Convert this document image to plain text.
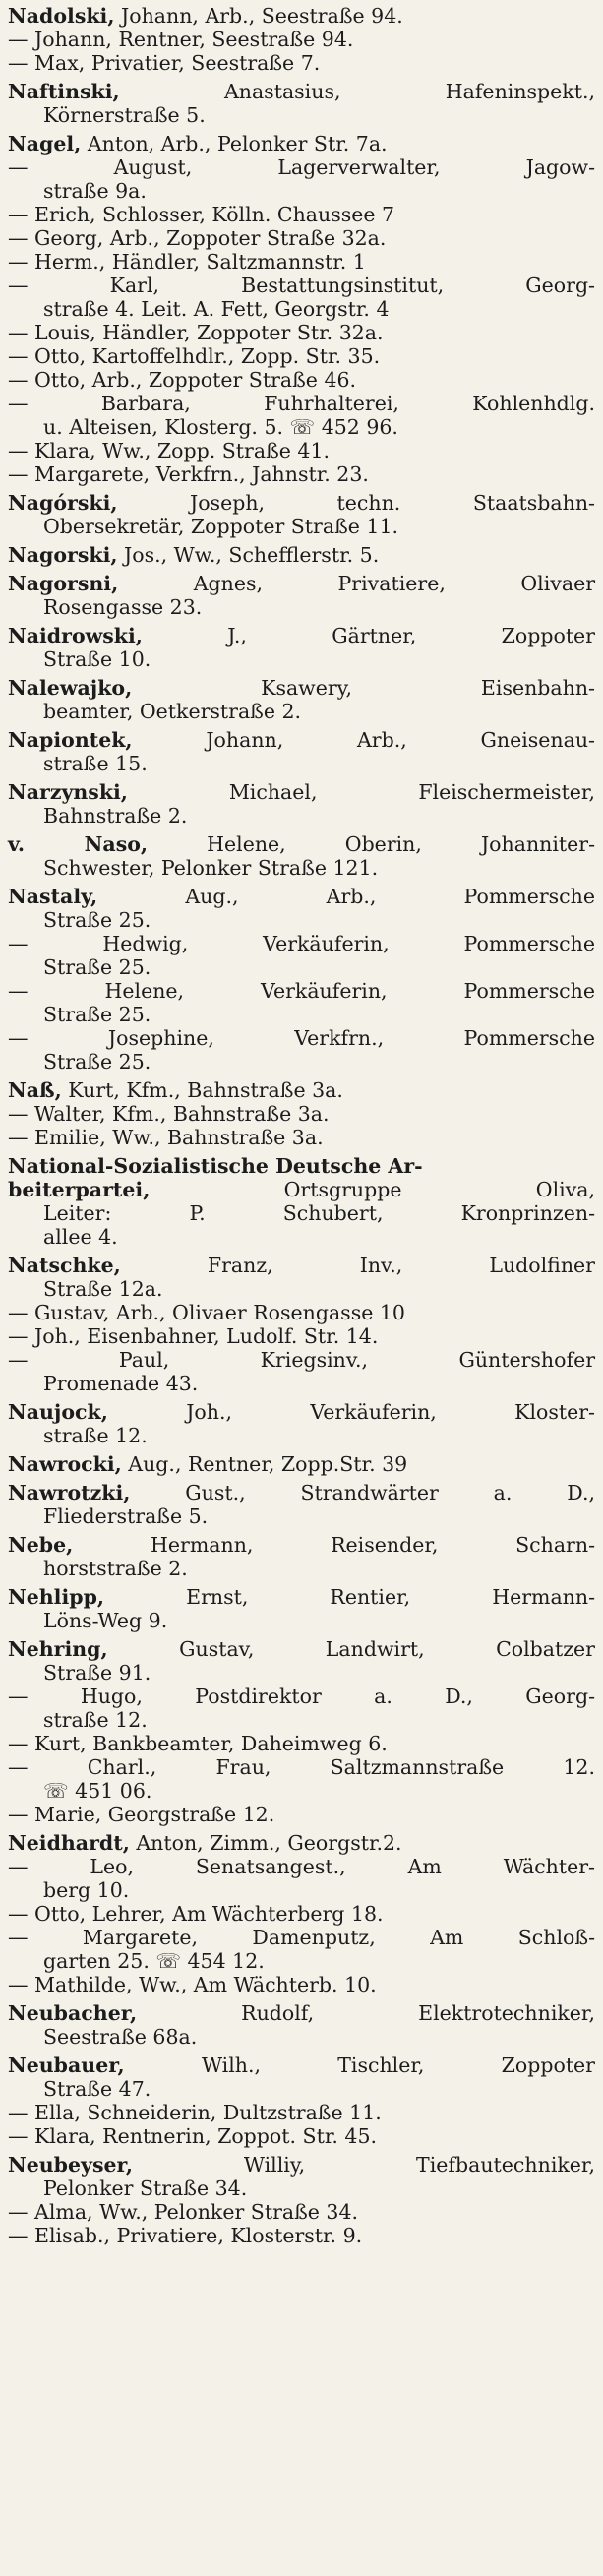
Nadolski, Johann, Arb., Seestraße 94.
— Johann, Rentner, Seestraße 94.
— Max, Privatier, Seestraße 7.
Naftinski,	Anastasius, Hafeninspekt.,
Körnerstraße 5.
Nagel, Anton, Arb., Pelonker Str. 7a.
— August, Lagerverwalter, Jagow-
straße 9a.
— Erich, Schlosser, Kölln. Chaussee 7
— Georg, Arb., Zoppoter Straße 32a.
— Herm., Händler, Saltzmannstr. 1
— Karl, Bestattungsinstitut, Georg-
straße 4. Leit. A. Fett, Georgstr. 4
— Louis, Händler, Zoppoter Str. 32a.
— Otto, Kartoffelhdlr., Zopp. Str. 35.
— Otto, Arb., Zoppoter Straße 46.
— Barbara, Fuhrhalterei, Kohlenhdlg.
u. Alteisen, Klosterg. 5. ☏ 452 96.
— Klara, Ww., Zopp. Straße 41.
— Margarete, Verkfrn., Jahnstr. 23.
Nagórski,	Joseph, techn. Staatsbahn-
Obersekretär, Zoppoter Straße 11.
Nagorski, Jos., Ww., Schefflerstr. 5.
Nagorsni,	Agnes, Privatiere, Olivaer
Rosengasse 23.
Naidrowski,	J., Gärtner, Zoppoter
Straße 10.
Nalewajko,	Ksawery, Eisenbahn-
beamter, Oetkerstraße 2.
Napiontek,	Johann, Arb., Gneisenau-
straße 15.
Narzynski,	Michael, Fleischermeister,
Bahnstraße 2.
v. Naso,	Helene, Oberin, Johanniter-
Schwester, Pelonker Straße 121.
Nastaly,	Aug., Arb., Pommersche
Straße 25.
— Hedwig, Verkäuferin, Pommersche
Straße 25.
— Helene, Verkäuferin, Pommersche
Straße 25.
— Josephine, Verkfrn., Pommersche
Straße 25.
Naß, Kurt, Kfm., Bahnstraße 3a.
— Walter, Kfm., Bahnstraße 3a.
— Emilie, Ww., Bahnstraße 3a.
National-Sozialistische Deutsche Ar-
beiterpartei,	Ortsgruppe Oliva,
Leiter: P. Schubert, Kronprinzen-
allee 4.
Natschke,	Franz, Inv., Ludolfiner
Straße 12a.
— Gustav, Arb., Olivaer Rosengasse 10
— Joh., Eisenbahner, Ludolf. Str. 14.
— Paul, Kriegsinv., Güntershofer
Promenade 43.
Naujock,	Joh., Verkäuferin, Kloster-
straße 12.
Nawrocki, Aug., Rentner, Zopp.Str. 39
Nawrotzki,	Gust., Strandwärter a. D.,
Fliederstraße 5.
Nebe,	Hermann, Reisender, Scharn-
horststraße 2.
Nehlipp,	Ernst, Rentier, Hermann-
Löns-Weg 9.
Nehring,	Gustav, Landwirt, Colbatzer
Straße 91.
— Hugo, Postdirektor a. D., Georg-
straße 12.
— Kurt, Bankbeamter, Daheimweg 6.
— Charl., Frau, Saltzmannstraße 12.
☏ 451 06.
— Marie, Georgstraße 12.
Neidhardt, Anton, Zimm., Georgstr.2.
— Leo, Senatsangest., Am Wächter-
berg 10.
— Otto, Lehrer, Am Wächterberg 18.
— Margarete, Damenputz, Am Schloß-
garten 25. ☏ 454 12.
— Mathilde, Ww., Am Wächterb. 10.
Neubacher,	Rudolf, Elektrotechniker,
Seestraße 68a.
Neubauer,	Wilh., Tischler, Zoppoter
Straße 47.
— Ella, Schneiderin, Dultzstraße 11.
— Klara, Rentnerin, Zoppot. Str. 45.
Neubeyser,	Williy, Tiefbautechniker,
Pelonker Straße 34.
— Alma, Ww., Pelonker Straße 34.
— Elisab., Privatiere, Klosterstr. 9.
